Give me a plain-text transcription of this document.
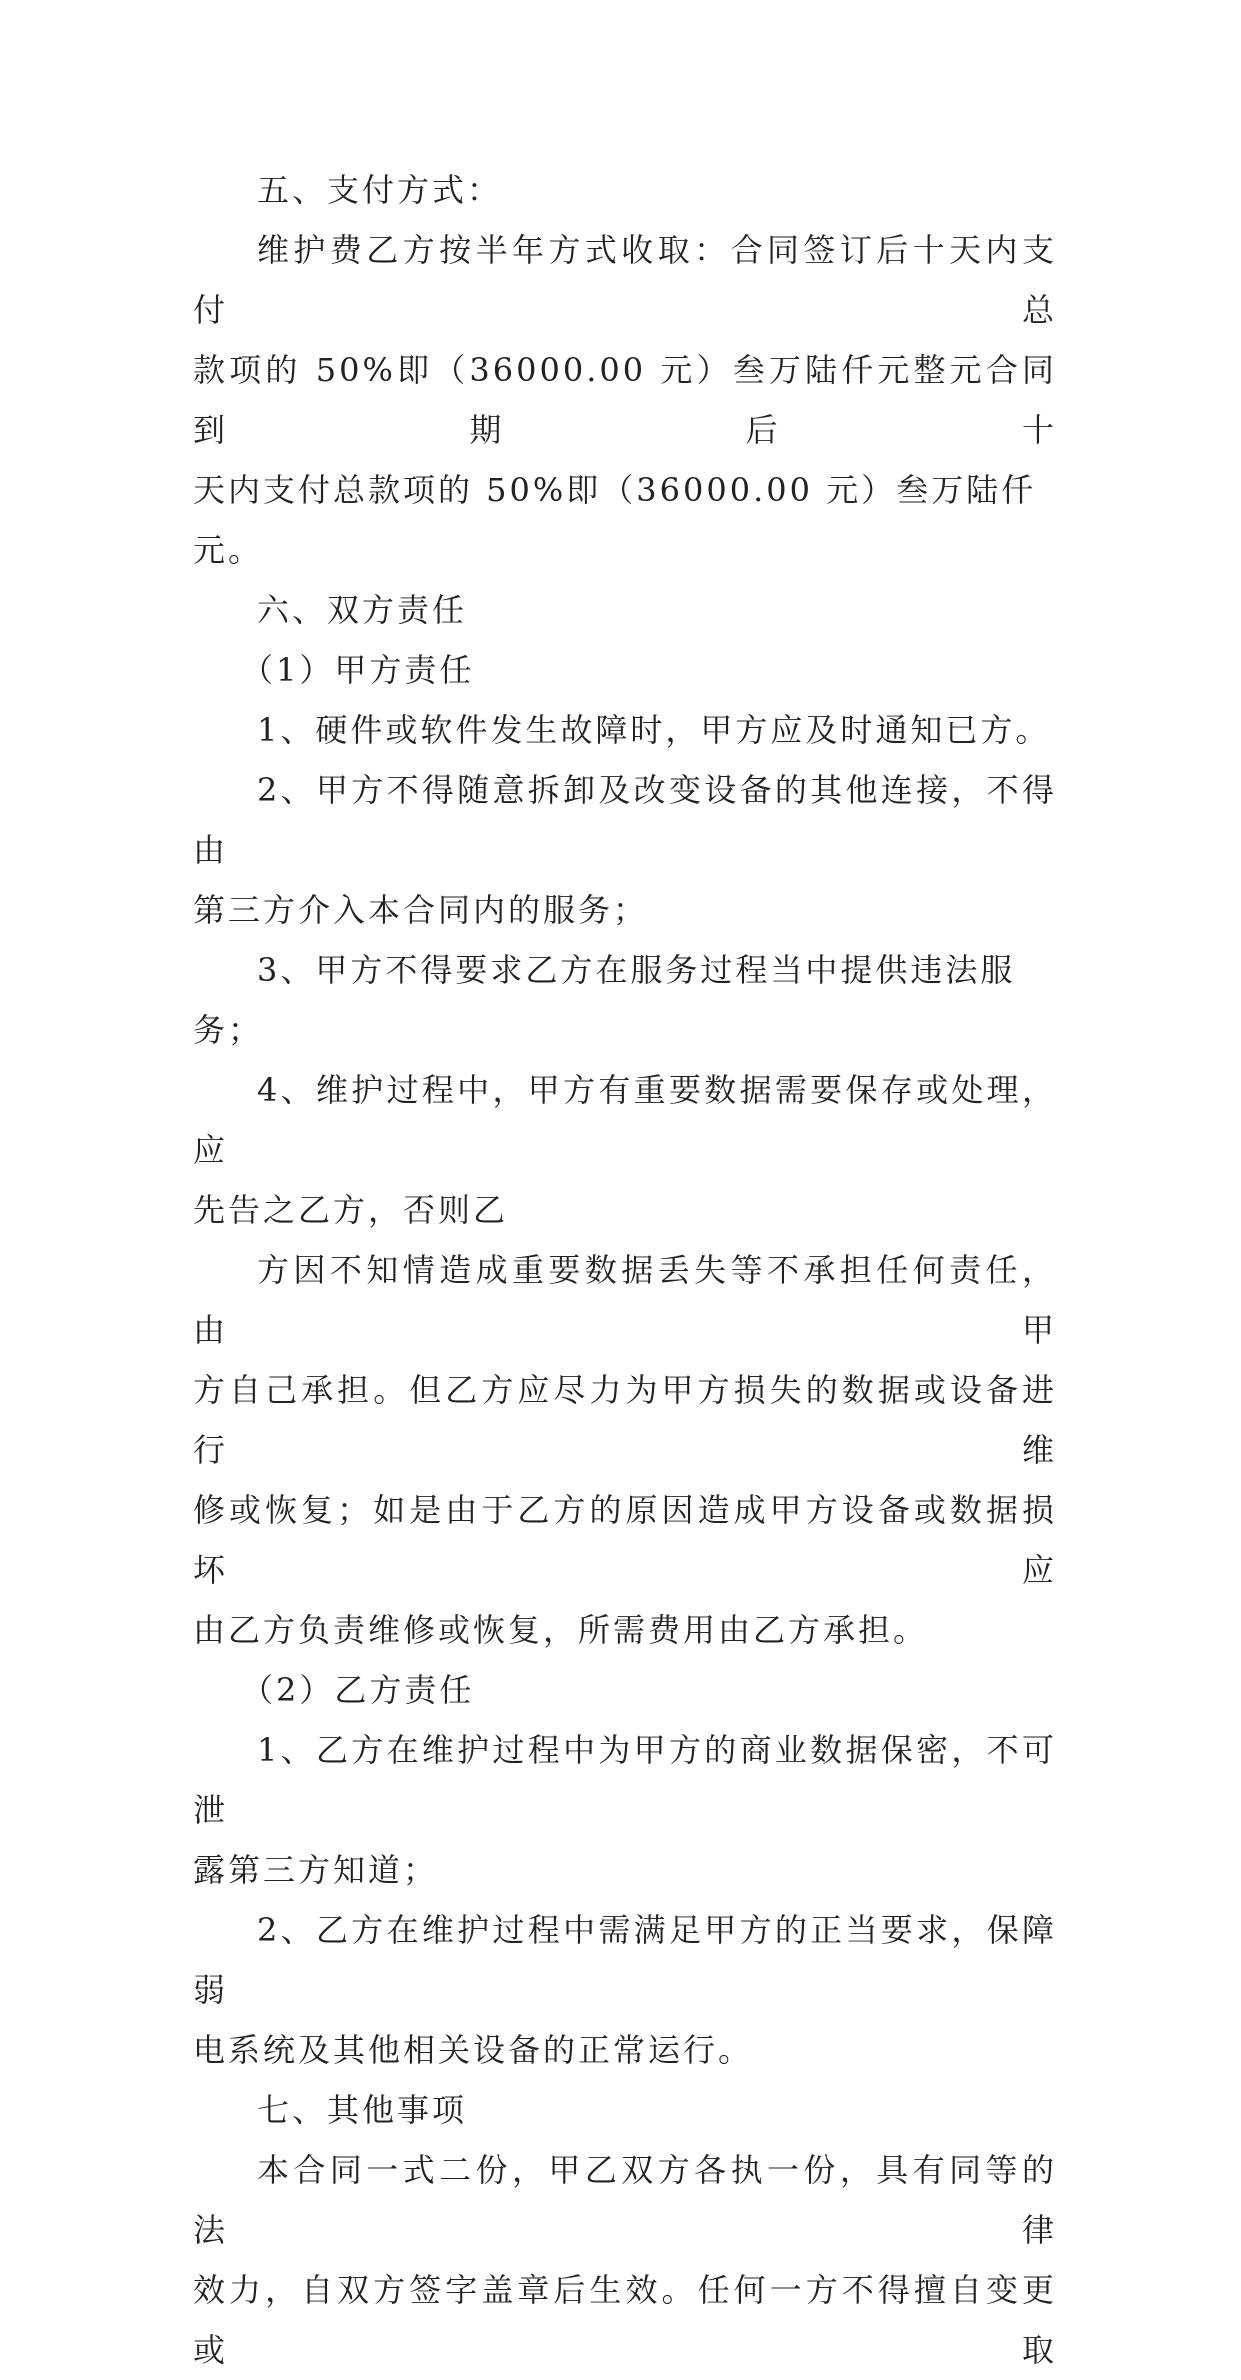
五、支付方式：

维护费乙方按半年方式收取：合同签订后十天内支付总

款项的 50%即（36000.00 元）叁万陆仟元整元合同到期后十

天内支付总款项的 50%即（36000.00 元）叁万陆仟元。

六、双方责任

（1）甲方责任

1、硬件或软件发生故障时，甲方应及时通知已方。

2、甲方不得随意拆卸及改变设备的其他连接，不得由

第三方介入本合同内的服务；

3、甲方不得要求乙方在服务过程当中提供违法服务；

4、维护过程中，甲方有重要数据需要保存或处理，应

先告之乙方，否则乙

方因不知情造成重要数据丢失等不承担任何责任，由甲

方自己承担。但乙方应尽力为甲方损失的数据或设备进行维

修或恢复；如是由于乙方的原因造成甲方设备或数据损坏应

由乙方负责维修或恢复，所需费用由乙方承担。

（2）乙方责任

1、乙方在维护过程中为甲方的商业数据保密，不可泄

露第三方知道；

2、乙方在维护过程中需满足甲方的正当要求，保障弱

电系统及其他相关设备的正常运行。

七、其他事项

本合同一式二份，甲乙双方各执一份，具有同等的法律

效力，自双方签字盖章后生效。任何一方不得擅自变更或取
